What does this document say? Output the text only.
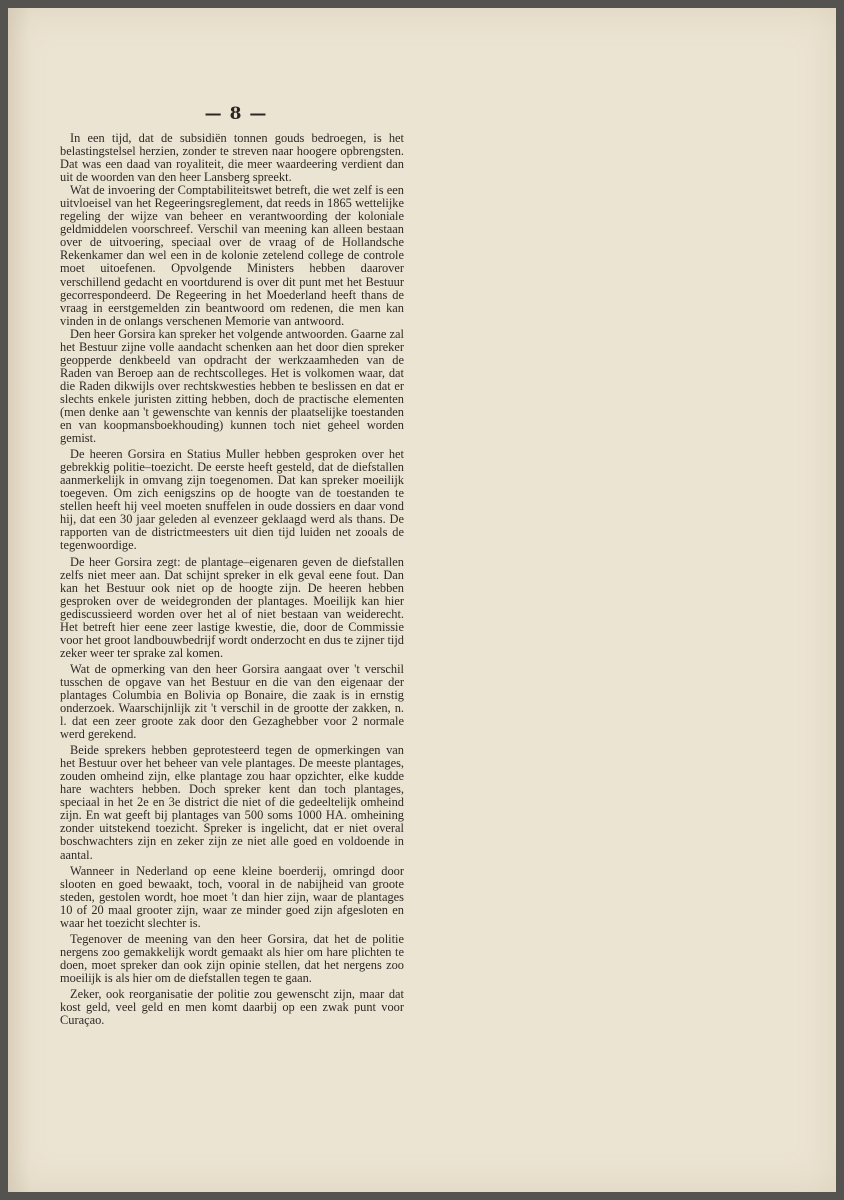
— 8 —

In een tijd, dat de subsidiën tonnen gouds bedroegen, is het belastingstelsel herzien, zonder te streven naar hoogere opbrengsten. Dat was een daad van royaliteit, die meer waardeering verdient dan uit de woorden van den heer Lansberg spreekt.

Wat de invoering der Comptabiliteitswet betreft, die wet zelf is een uitvloeisel van het Regeeringsreglement, dat reeds in 1865 wettelijke regeling der wijze van beheer en verantwoording der koloniale geldmiddelen voorschreef. Verschil van meening kan alleen bestaan over de uitvoering, speciaal over de vraag of de Hollandsche Rekenkamer dan wel een in de kolonie zetelend college de controle moet uitoefenen. Opvolgende Ministers hebben daarover verschillend gedacht en voortdurend is over dit punt met het Bestuur gecorrespondeerd. De Regeering in het Moederland heeft thans de vraag in eerstgemelden zin beantwoord om redenen, die men kan vinden in de onlangs verschenen Memorie van antwoord.

Den heer Gorsira kan spreker het volgende antwoorden. Gaarne zal het Bestuur zijne volle aandacht schenken aan het door dien spreker geopperde denkbeeld van opdracht der werkzaamheden van de Raden van Beroep aan de rechtscolleges. Het is volkomen waar, dat die Raden dikwijls over rechtskwesties hebben te beslissen en dat er slechts enkele juristen zitting hebben, doch de practische elementen (men denke aan 't gewenschte van kennis der plaatselijke toestanden en van koopmansboekhouding) kunnen toch niet geheel worden gemist.

De heeren Gorsira en Statius Muller hebben gesproken over het gebrekkig politie–toezicht. De eerste heeft gesteld, dat de diefstallen aanmerkelijk in omvang zijn toegenomen. Dat kan spreker moeilijk toegeven. Om zich eenigszins op de hoogte van de toestanden te stellen heeft hij veel moeten snuffelen in oude dossiers en daar vond hij, dat een 30 jaar geleden al evenzeer geklaagd werd als thans. De rapporten van de districtmeesters uit dien tijd luiden net zooals de tegenwoordige.

De heer Gorsira zegt: de plantage–eigenaren geven de diefstallen zelfs niet meer aan. Dat schijnt spreker in elk geval eene fout. Dan kan het Bestuur ook niet op de hoogte zijn. De heeren hebben gesproken over de weidegronden der plantages. Moeilijk kan hier gediscussieerd worden over het al of niet bestaan van weiderecht. Het betreft hier eene zeer lastige kwestie, die, door de Commissie voor het groot landbouwbedrijf wordt onderzocht en dus te zijner tijd zeker weer ter sprake zal komen.

Wat de opmerking van den heer Gorsira aangaat over 't verschil tusschen de opgave van het Bestuur en die van den eigenaar der plantages Columbia en Bolivia op Bonaire, die zaak is in ernstig onderzoek. Waarschijnlijk zit 't verschil in de grootte der zakken, n. l. dat een zeer groote zak door den Gezaghebber voor 2 normale werd gerekend.

Beide sprekers hebben geprotesteerd tegen de opmerkingen van het Bestuur over het beheer van vele plantages. De meeste plantages, zouden omheind zijn, elke plantage zou haar opzichter, elke kudde hare wachters hebben. Doch spreker kent dan toch plantages, speciaal in het 2e en 3e district die niet of die gedeeltelijk omheind zijn. En wat geeft bij plantages van 500 soms 1000 HA. omheining zonder uitstekend toezicht. Spreker is ingelicht, dat er niet overal boschwachters zijn en zeker zijn ze niet alle goed en voldoende in aantal.

Wanneer in Nederland op eene kleine boerderij, omringd door slooten en goed bewaakt, toch, vooral in de nabijheid van groote steden, gestolen wordt, hoe moet 't dan hier zijn, waar de plantages 10 of 20 maal grooter zijn, waar ze minder goed zijn afgesloten en waar het toezicht slechter is.

Tegenover de meening van den heer Gorsira, dat het de politie nergens zoo gemakkelijk wordt gemaakt als hier om hare plichten te doen, moet spreker dan ook zijn opinie stellen, dat het nergens zoo moeilijk is als hier om de diefstallen tegen te gaan.

Zeker, ook reorganisatie der politie zou gewenscht zijn, maar dat kost geld, veel geld en men komt daarbij op een zwak punt voor Curaçao.
